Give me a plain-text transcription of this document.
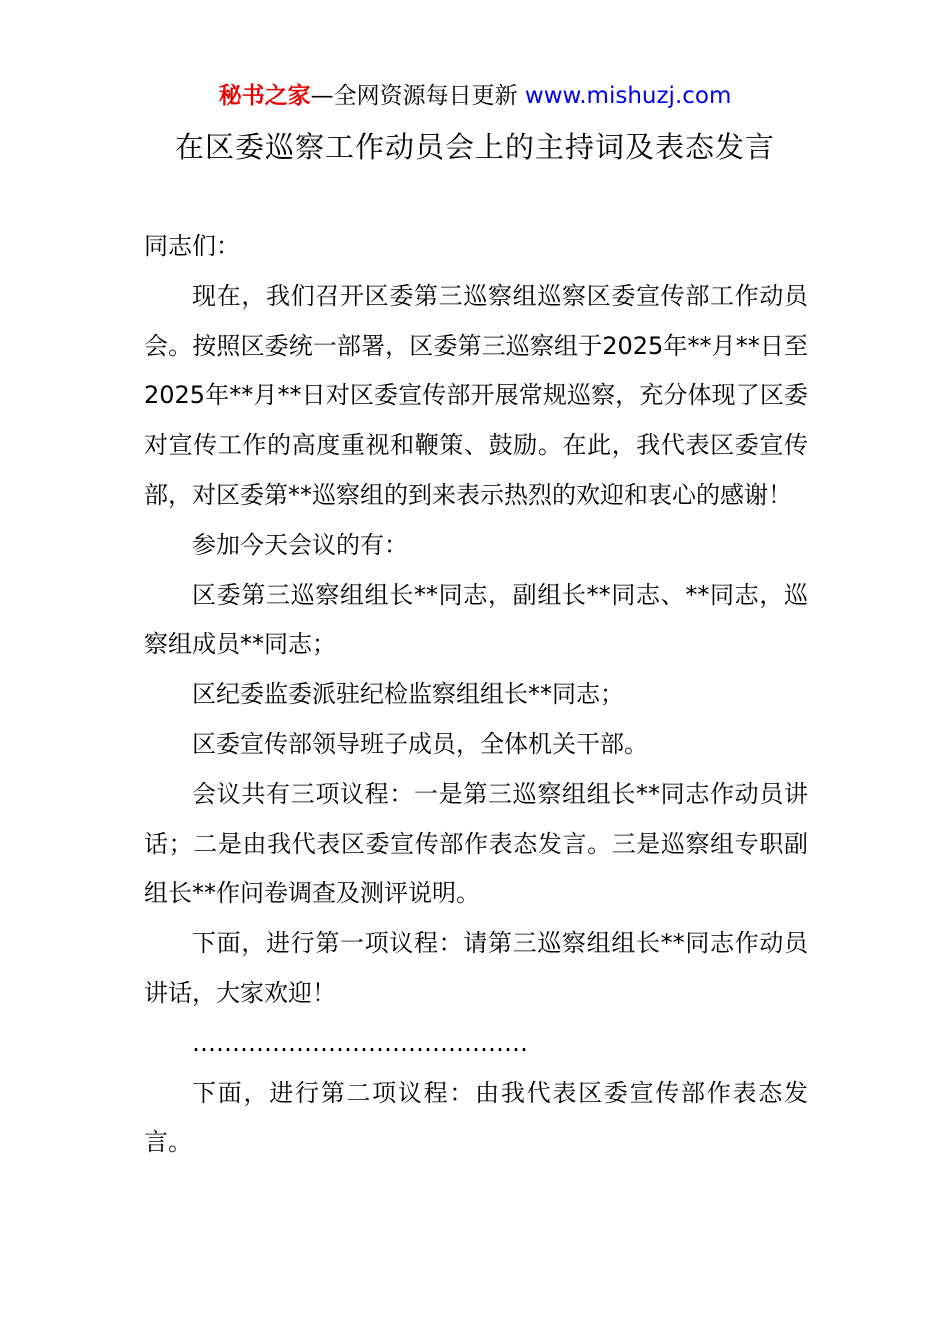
秘书之家—全网资源每日更新 www.mishuzj.com
在区委巡察工作动员会上的主持词及表态发言

同志们：

现在，我们召开区委第三巡察组巡察区委宣传部工作动员会。按照区委统一部署，区委第三巡察组于2025年**月**日至2025年**月**日对区委宣传部开展常规巡察，充分体现了区委对宣传工作的高度重视和鞭策、鼓励。在此，我代表区委宣传部，对区委第**巡察组的到来表示热烈的欢迎和衷心的感谢！

参加今天会议的有：

区委第三巡察组组长**同志，副组长**同志、**同志，巡察组成员**同志；

区纪委监委派驻纪检监察组组长**同志；

区委宣传部领导班子成员，全体机关干部。

会议共有三项议程：一是第三巡察组组长**同志作动员讲话；二是由我代表区委宣传部作表态发言。三是巡察组专职副组长**作问卷调查及测评说明。

下面，进行第一项议程：请第三巡察组组长**同志作动员讲话，大家欢迎！

……………………………………

下面，进行第二项议程：由我代表区委宣传部作表态发言。
